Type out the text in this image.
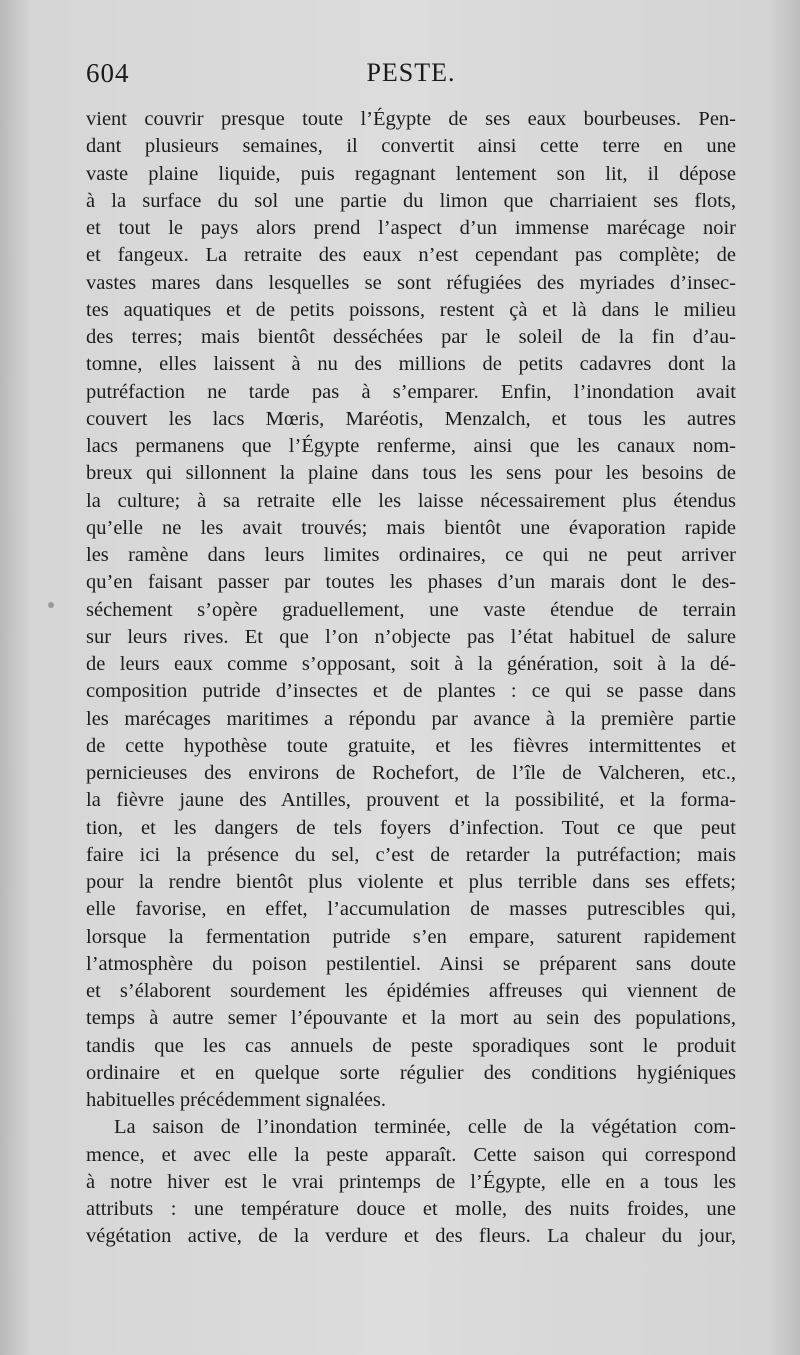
604	PESTE.
vient couvrir presque toute l’Égypte de ses eaux bourbeuses. Pen-
dant plusieurs semaines, il convertit ainsi cette terre en une
vaste plaine liquide, puis regagnant lentement son lit, il dépose
à la surface du sol une partie du limon que charriaient ses flots,
et tout le pays alors prend l’aspect d’un immense marécage noir
et fangeux. La retraite des eaux n’est cependant pas complète; de
vastes mares dans lesquelles se sont réfugiées des myriades d’insec-
tes aquatiques et de petits poissons, restent çà et là dans le milieu
des terres; mais bientôt desséchées par le soleil de la fin d’au-
tomne, elles laissent à nu des millions de petits cadavres dont la
putréfaction ne tarde pas à s’emparer. Enfin, l’inondation avait
couvert les lacs Mœris, Maréotis, Menzalch, et tous les autres
lacs permanens que l’Égypte renferme, ainsi que les canaux nom-
breux qui sillonnent la plaine dans tous les sens pour les besoins de
la culture; à sa retraite elle les laisse nécessairement plus étendus
qu’elle ne les avait trouvés; mais bientôt une évaporation rapide
les ramène dans leurs limites ordinaires, ce qui ne peut arriver
qu’en faisant passer par toutes les phases d’un marais dont le des-
séchement s’opère graduellement, une vaste étendue de terrain
sur leurs rives. Et que l’on n’objecte pas l’état habituel de salure
de leurs eaux comme s’opposant, soit à la génération, soit à la dé-
composition putride d’insectes et de plantes : ce qui se passe dans
les marécages maritimes a répondu par avance à la première partie
de cette hypothèse toute gratuite, et les fièvres intermittentes et
pernicieuses des environs de Rochefort, de l’île de Valcheren, etc.,
la fièvre jaune des Antilles, prouvent et la possibilité, et la forma-
tion, et les dangers de tels foyers d’infection. Tout ce que peut
faire ici la présence du sel, c’est de retarder la putréfaction; mais
pour la rendre bientôt plus violente et plus terrible dans ses effets;
elle favorise, en effet, l’accumulation de masses putrescibles qui,
lorsque la fermentation putride s’en empare, saturent rapidement
l’atmosphère du poison pestilentiel. Ainsi se préparent sans doute
et s’élaborent sourdement les épidémies affreuses qui viennent de
temps à autre semer l’épouvante et la mort au sein des populations,
tandis que les cas annuels de peste sporadiques sont le produit
ordinaire et en quelque sorte régulier des conditions hygiéniques
habituelles précédemment signalées.
La saison de l’inondation terminée, celle de la végétation com-
mence, et avec elle la peste apparaît. Cette saison qui correspond
à notre hiver est le vrai printemps de l’Égypte, elle en a tous les
attributs : une température douce et molle, des nuits froides, une
végétation active, de la verdure et des fleurs. La chaleur du jour,
